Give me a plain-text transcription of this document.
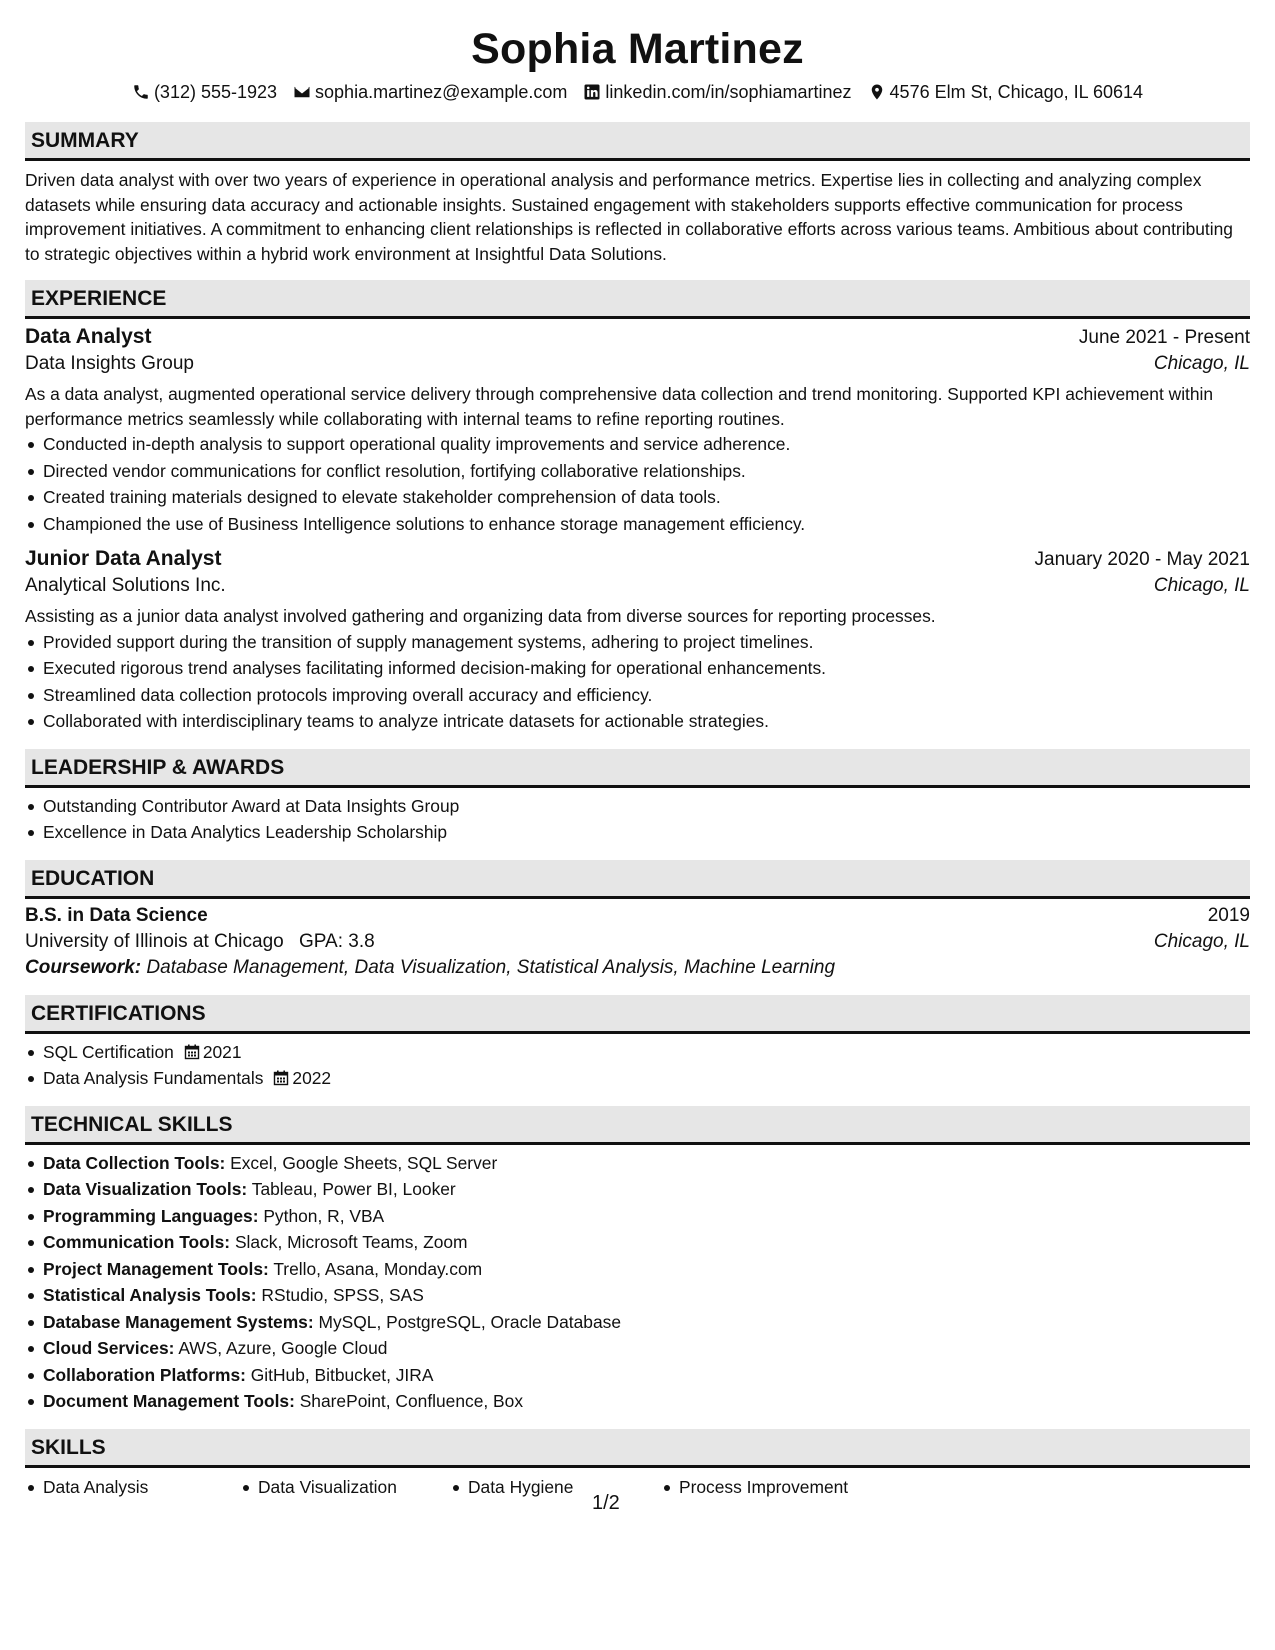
Sophia Martinez
(312) 555-1923 sophia.martinez@example.com linkedin.com/in/sophiamartinez 4576 Elm St, Chicago, IL 60614
SUMMARY

Driven data analyst with over two years of experience in operational analysis and performance metrics. Expertise lies in collecting and analyzing complex datasets while ensuring data accuracy and actionable insights. Sustained engagement with stakeholders supports effective communication for process improvement initiatives. A commitment to enhancing client relationships is reflected in collaborative efforts across various teams. Ambitious about contributing to strategic objectives within a hybrid work environment at Insightful Data Solutions.

EXPERIENCE
Data Analyst	June 2021 - Present
Data Insights Group	Chicago, IL

As a data analyst, augmented operational service delivery through comprehensive data collection and trend monitoring. Supported KPI achievement within performance metrics seamlessly while collaborating with internal teams to refine reporting routines.

Conducted in-depth analysis to support operational quality improvements and service adherence.
Directed vendor communications for conflict resolution, fortifying collaborative relationships.
Created training materials designed to elevate stakeholder comprehension of data tools.
Championed the use of Business Intelligence solutions to enhance storage management efficiency.
Junior Data Analyst	January 2020 - May 2021
Analytical Solutions Inc.	Chicago, IL

Assisting as a junior data analyst involved gathering and organizing data from diverse sources for reporting processes.

Provided support during the transition of supply management systems, adhering to project timelines.
Executed rigorous trend analyses facilitating informed decision-making for operational enhancements.
Streamlined data collection protocols improving overall accuracy and efficiency.
Collaborated with interdisciplinary teams to analyze intricate datasets for actionable strategies.
LEADERSHIP & AWARDS
Outstanding Contributor Award at Data Insights Group
Excellence in Data Analytics Leadership Scholarship
EDUCATION
B.S. in Data Science	2019
University of Illinois at Chicago GPA: 3.8	Chicago, IL
Coursework: Database Management, Data Visualization, Statistical Analysis, Machine Learning
CERTIFICATIONS
SQL Certification 2021
Data Analysis Fundamentals 2022
TECHNICAL SKILLS
Data Collection Tools: Excel, Google Sheets, SQL Server
Data Visualization Tools: Tableau, Power BI, Looker
Programming Languages: Python, R, VBA
Communication Tools: Slack, Microsoft Teams, Zoom
Project Management Tools: Trello, Asana, Monday.com
Statistical Analysis Tools: RStudio, SPSS, SAS
Database Management Systems: MySQL, PostgreSQL, Oracle Database
Cloud Services: AWS, Azure, Google Cloud
Collaboration Platforms: GitHub, Bitbucket, JIRA
Document Management Tools: SharePoint, Confluence, Box
SKILLS
Data Analysis	Data Visualization	Data Hygiene	Process Improvement
1/2
